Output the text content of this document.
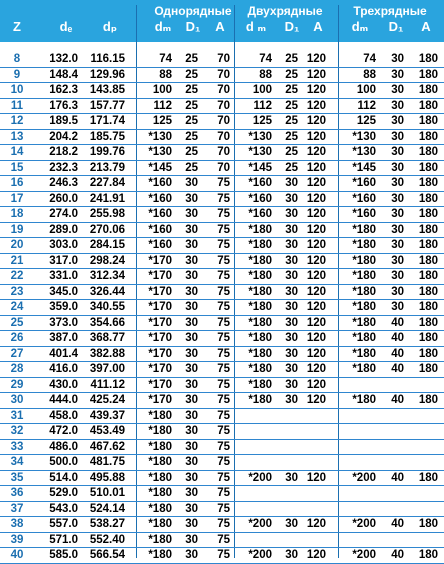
Однорядные Двухрядные	Трехрядные
Z	dₑ dₚ	dₘ D₁ A d ₘ D₁ A dₘ D₁ A
8	132.0	116.15	74	25	70	74	25 120	74	30	180
9	148.4	129.96	88	25	70	88	25 120	88	30	180
10	162.3	143.85	100	25	70	100	25 120	100	30	180
11	176.3	157.77	112	25	70	112	25 120	112	30	180
12	189.5	171.74	125	25	70	125	25 120	125	30	180
13	204.2	185.75	*130	25	70	*130	25 120	*130	30	180
14	218.2	199.76	*130	25	70	*130	25 120	*130	30	180
15	232.3	213.79	*145	25	70	*145	25 120	*145	30	180
16	246.3	227.84	*160	30	75	*160	30 120	*160	30	180
17	260.0	241.91	*160	30	75	*160	30 120	*160	30	180
18	274.0	255.98	*160	30	75	*160	30 120	*160	30	180
19	289.0	270.06	*160	30	75	*180	30 120	*180	30	180
20	303.0	284.15	*160	30	75	*180	30 120	*180	30	180
21	317.0	298.24	*170	30	75	*180	30 120	*180	30	180
22	331.0	312.34	*170	30	75	*180	30 120	*180	30	180
23	345.0	326.44	*170	30	75	*180	30 120	*180	30	180
24	359.0	340.55	*170	30	75	*180	30 120	*180	30	180
25	373.0	354.66	*170	30	75	*180	30 120	*180	40	180
26	387.0	368.77	*170	30	75	*180	30 120	*180	40	180
27	401.4	382.88	*170	30	75	*180	30 120	*180	40	180
28	416.0	397.00	*170	30	75	*180	30 120	*180	40	180
29	430.0	411.12	*170	30	75	*180	30 120
30	444.0	425.24	*170	30	75	*180	30 120	*180	40	180
31	458.0	439.37	*180	30	75
32	472.0	453.49	*180	30	75
33	486.0	467.62	*180	30	75
34	500.0	481.75	*180	30	75
35	514.0	495.88	*180	30	75	*200	30 120	*200	40	180
36	529.0	510.01	*180	30	75
37	543.0	524.14	*180	30	75
38	557.0	538.27	*180	30	75	*200	30 120	*200	40	180
39	571.0	552.40	*180	30	75
40	585.0	566.54	*180	30	75	*200	30 120	*200	40	180
